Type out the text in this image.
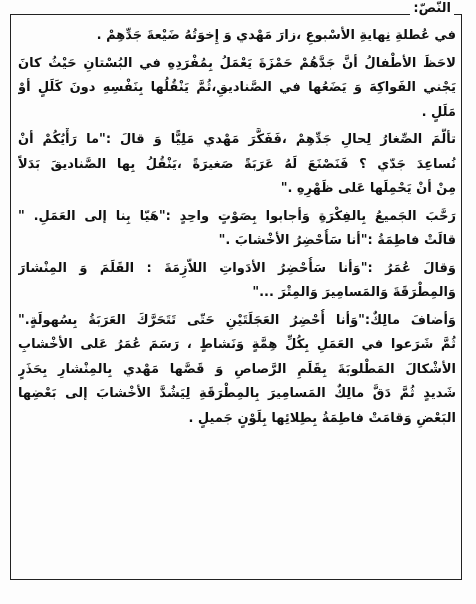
النّصّ:
في عُطلةِ نِهايةِ الأسْبوعِ ،زارَ مَهْدي وَ إِخوَتُهُ ضَيْعةَ جَدِّهِمْ .
لاحَظَ الأطْفالُ أنَّ جَدَّهُمْ حَمْزَةَ يَعْمَلُ بِمُفْرَدِهِ في البُسْتانِ حَيْثُ كانَ
يَجْني الفَواكِهَ وَ يَضَعُها في الصَّناديقِ،ثُمَّ يَنْقُلُها بِنَفْسِهِ دونَ كَلَلٍ أوْ
مَلَلٍ .
تألَّمَ الصِّغارُ لِحالِ جَدِّهِمْ ،فَفَكَّرَ مَهْدي مَلِيًّا وَ قالَ :"ما رَأْيُكُمْ أنْ
نُساعِدَ جَدّي ؟ فَنَصْنَعَ لَهُ عَرَبَةً صَغيرَةً ،يَنْقُلُ بِها الصَّناديقَ بَدَلاً
مِنْ أنْ يَحْمِلَها عَلى ظَهْرِهِ ."
رَحَّبَ الجَميعُ بِالفِكْرَةِ وَأجابوا بِصَوْتٍ واحِدٍ :"هَيّا بِنا إلى العَمَلِ. "
قالَتْ فاطِمَةُ :"أنا سَأُحْضِرُ الأخْشابَ ."
وَقالَ عُمَرُ :"وَأنا سَأُحْضِرُ الأدَواتِ اللاّزِمَةَ : القَلَمَ وَ المِنْشارَ
وَالمِطْرَقَةَ وَالمَسامِيرَ وَالمِتْرَ ..."
وَأضافَ مالِكٌ:"وَأنا أُحْضِرُ العَجَلَتَيْنِ حَتّى تَتَحَرَّكَ العَرَبَةُ بِسُهولَةٍ."
ثُمَّ شَرَعوا في العَمَلِ بِكُلِّ هِمَّةٍ وَنَشاطٍ ، رَسَمَ عُمَرُ عَلى الأخْشابِ
الأشْكالَ المَطْلوبَةَ بِقَلَمِ الرَّصاصِ وَ قَصَّها مَهْدي بِالمِنْشارِ بِحَذَرٍ
شَديدٍ ثُمَّ دَقَّ مالِكٌ المَسامِيرَ بِالمِطْرَقَةِ لِيَشُدَّ الأخْشابَ إلى بَعْضِها
البَعْضِ وَقامَتْ فاطِمَةُ بِطِلائِها بِلَوْنٍ جَميلٍ .
